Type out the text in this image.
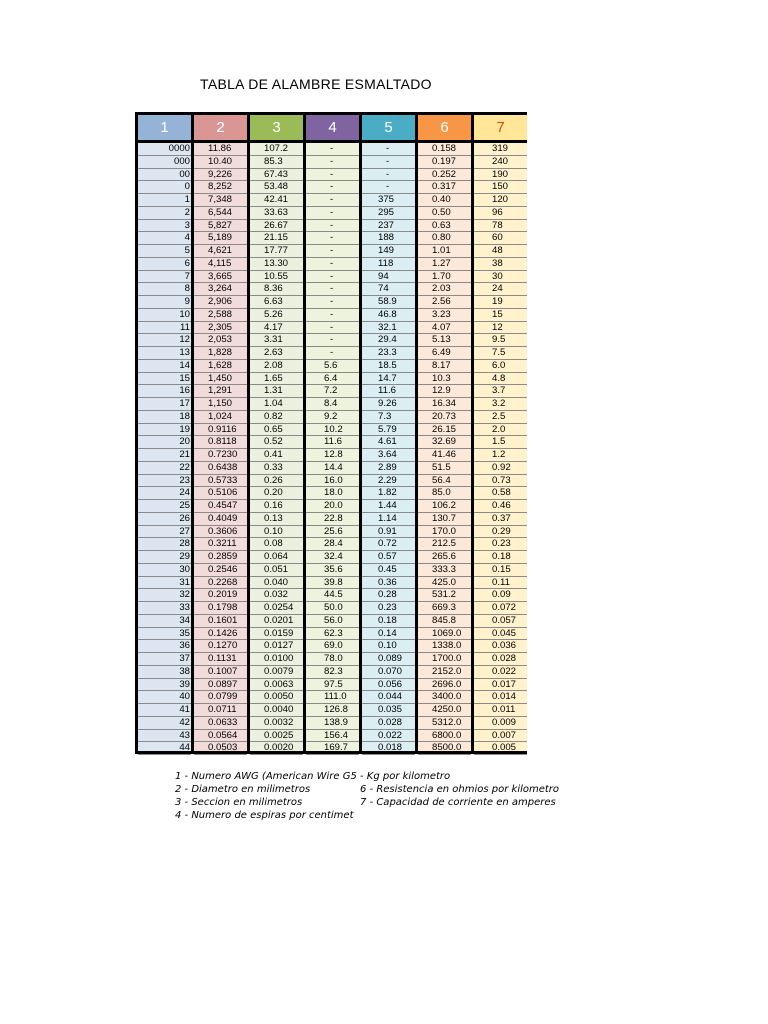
TABLA DE ALAMBRE ESMALTADO
1
0000
000
00
0
1
2
3
4
5
6
7
8
9
10
11
12
13
14
15
16
17
18
19
20
21
22
23
24
25
26
27
28
29
30
31
32
33
34
35
36
37
38
39
40
41
42
43
44
2
11.86
10.40
9,226
8,252
7,348
6,544
5,827
5,189
4,621
4,115
3,665
3,264
2,906
2,588
2,305
2,053
1,828
1,628
1,450
1,291
1,150
1,024
0.9116
0.8118
0.7230
0.6438
0.5733
0.5106
0.4547
0.4049
0.3606
0.3211
0.2859
0.2546
0.2268
0.2019
0.1798
0.1601
0.1426
0.1270
0.1131
0.1007
0.0897
0.0799
0.0711
0.0633
0.0564
0.0503
3
107.2
85.3
67.43
53.48
42.41
33.63
26.67
21.15
17.77
13.30
10.55
8.36
6.63
5.26
4.17
3.31
2.63
2.08
1.65
1.31
1.04
0.82
0.65
0.52
0.41
0.33
0.26
0.20
0.16
0.13
0.10
0.08
0.064
0.051
0.040
0.032
0.0254
0.0201
0.0159
0.0127
0.0100
0.0079
0.0063
0.0050
0.0040
0.0032
0.0025
0.0020
4
-
-
-
-
-
-
-
-
-
-
-
-
-
-
-
-
-
5.6
6.4
7.2
8.4
9.2
10.2
11.6
12.8
14.4
16.0
18.0
20.0
22.8
25.6
28.4
32.4
35.6
39.8
44.5
50.0
56.0
62.3
69.0
78.0
82.3
97.5
111.0
126.8
138.9
156.4
169.7
5
-
-
-
-
375
295
237
188
149
118
94
74
58.9
46.8
32.1
29.4
23.3
18.5
14.7
11.6
9.26
7.3
5.79
4.61
3.64
2.89
2.29
1.82
1.44
1.14
0.91
0.72
0.57
0.45
0.36
0.28
0.23
0.18
0.14
0.10
0.089
0.070
0.056
0.044
0.035
0.028
0.022
0.018
6
0.158
0.197
0.252
0.317
0.40
0.50
0.63
0.80
1.01
1.27
1.70
2.03
2.56
3.23
4.07
5.13
6.49
8.17
10.3
12.9
16.34
20.73
26.15
32.69
41.46
51.5
56.4
85.0
106.2
130.7
170.0
212.5
265.6
333.3
425.0
531.2
669.3
845.8
1069.0
1338.0
1700.0
2152.0
2696.0
3400.0
4250.0
5312.0
6800.0
8500.0
7
319
240
190
150
120
96
78
60
48
38
30
24
19
15
12
9.5
7.5
6.0
4.8
3.7
3.2
2.5
2.0
1.5
1.2
0.92
0.73
0.58
0.46
0.37
0.29
0.23
0.18
0.15
0.11
0.09
0.072
0.057
0.045
0.036
0.028
0.022
0.017
0.014
0.011
0.009
0.007
0.005
1 - Numero AWG (American Wire G5 - Kg por kilometro
2 - Diametro en milimetros	6 - Resistencia en ohmios por kilometro
3 - Seccion en milimetros	7 - Capacidad de corriente en amperes
4 - Numero de espiras por centimet
